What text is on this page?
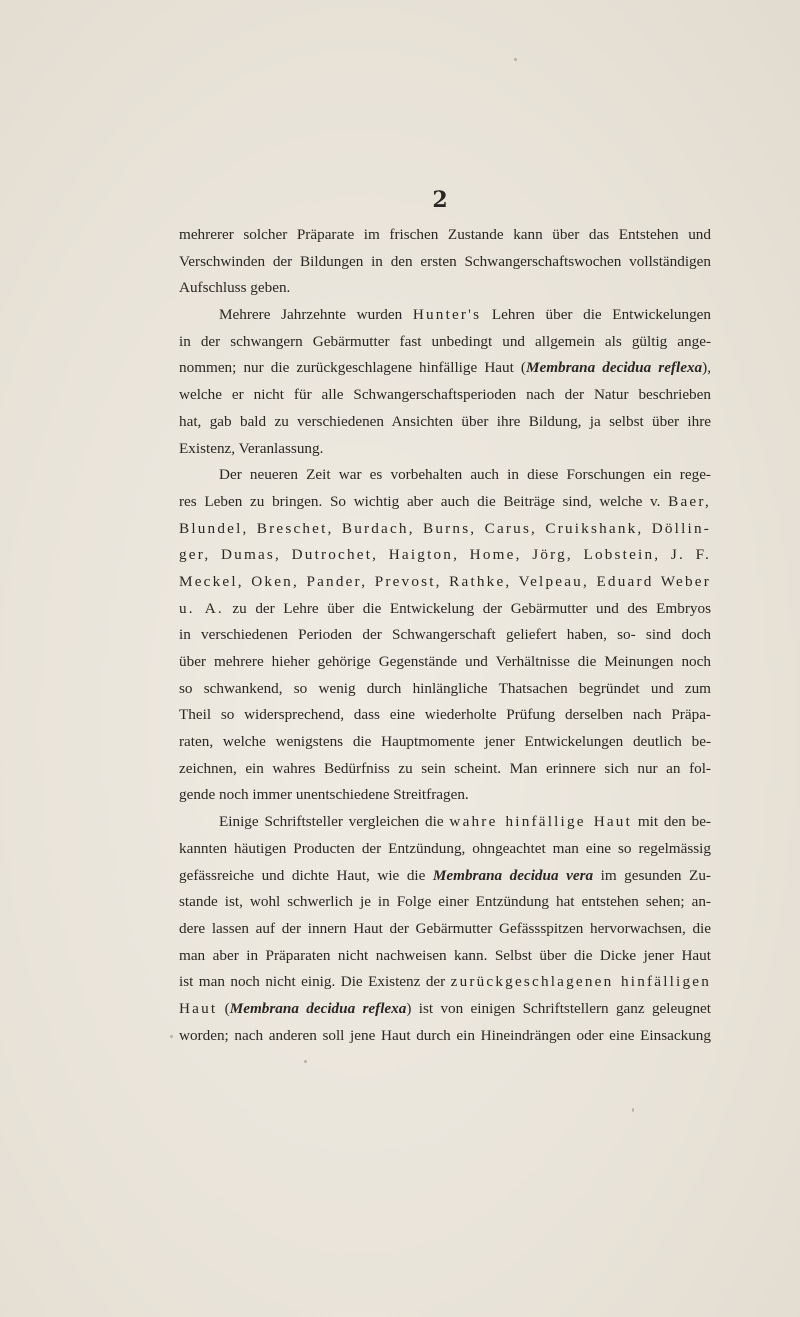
2
mehrerer solcher Präparate im frischen Zustande kann über das Entstehen und
Verschwinden der Bildungen in den ersten Schwangerschaftswochen vollständigen
Aufschluss geben.
Mehrere Jahrzehnte wurden Hunter's Lehren über die Entwickelungen
in der schwangern Gebärmutter fast unbedingt und allgemein als gültig ange-
nommen; nur die zurückgeschlagene hinfällige Haut (Membrana decidua reflexa),
welche er nicht für alle Schwangerschaftsperioden nach der Natur beschrieben
hat, gab bald zu verschiedenen Ansichten über ihre Bildung, ja selbst über ihre
Existenz, Veranlassung.
Der neueren Zeit war es vorbehalten auch in diese Forschungen ein rege-
res Leben zu bringen. So wichtig aber auch die Beiträge sind, welche v. Baer,
Blundel, Breschet, Burdach, Burns, Carus, Cruikshank, Döllin-
ger, Dumas, Dutrochet, Haigton, Home, Jörg, Lobstein, J. F.
Meckel, Oken, Pander, Prevost, Rathke, Velpeau, Eduard Weber
u. A. zu der Lehre über die Entwickelung der Gebärmutter und des Embryos
in verschiedenen Perioden der Schwangerschaft geliefert haben, so- sind doch
über mehrere hieher gehörige Gegenstände und Verhältnisse die Meinungen noch
so schwankend, so wenig durch hinlängliche Thatsachen begründet und zum
Theil so widersprechend, dass eine wiederholte Prüfung derselben nach Präpa-
raten, welche wenigstens die Hauptmomente jener Entwickelungen deutlich be-
zeichnen, ein wahres Bedürfniss zu sein scheint. Man erinnere sich nur an fol-
gende noch immer unentschiedene Streitfragen.
Einige Schriftsteller vergleichen die wahre hinfällige Haut mit den be-
kannten häutigen Producten der Entzündung, ohngeachtet man eine so regelmässig
gefässreiche und dichte Haut, wie die Membrana decidua vera im gesunden Zu-
stande ist, wohl schwerlich je in Folge einer Entzündung hat entstehen sehen; an-
dere lassen auf der innern Haut der Gebärmutter Gefässspitzen hervorwachsen, die
man aber in Präparaten nicht nachweisen kann. Selbst über die Dicke jener Haut
ist man noch nicht einig. Die Existenz der zurückgeschlagenen hinfälligen
Haut (Membrana decidua reflexa) ist von einigen Schriftstellern ganz geleugnet
worden; nach anderen soll jene Haut durch ein Hineindrängen oder eine Einsackung
